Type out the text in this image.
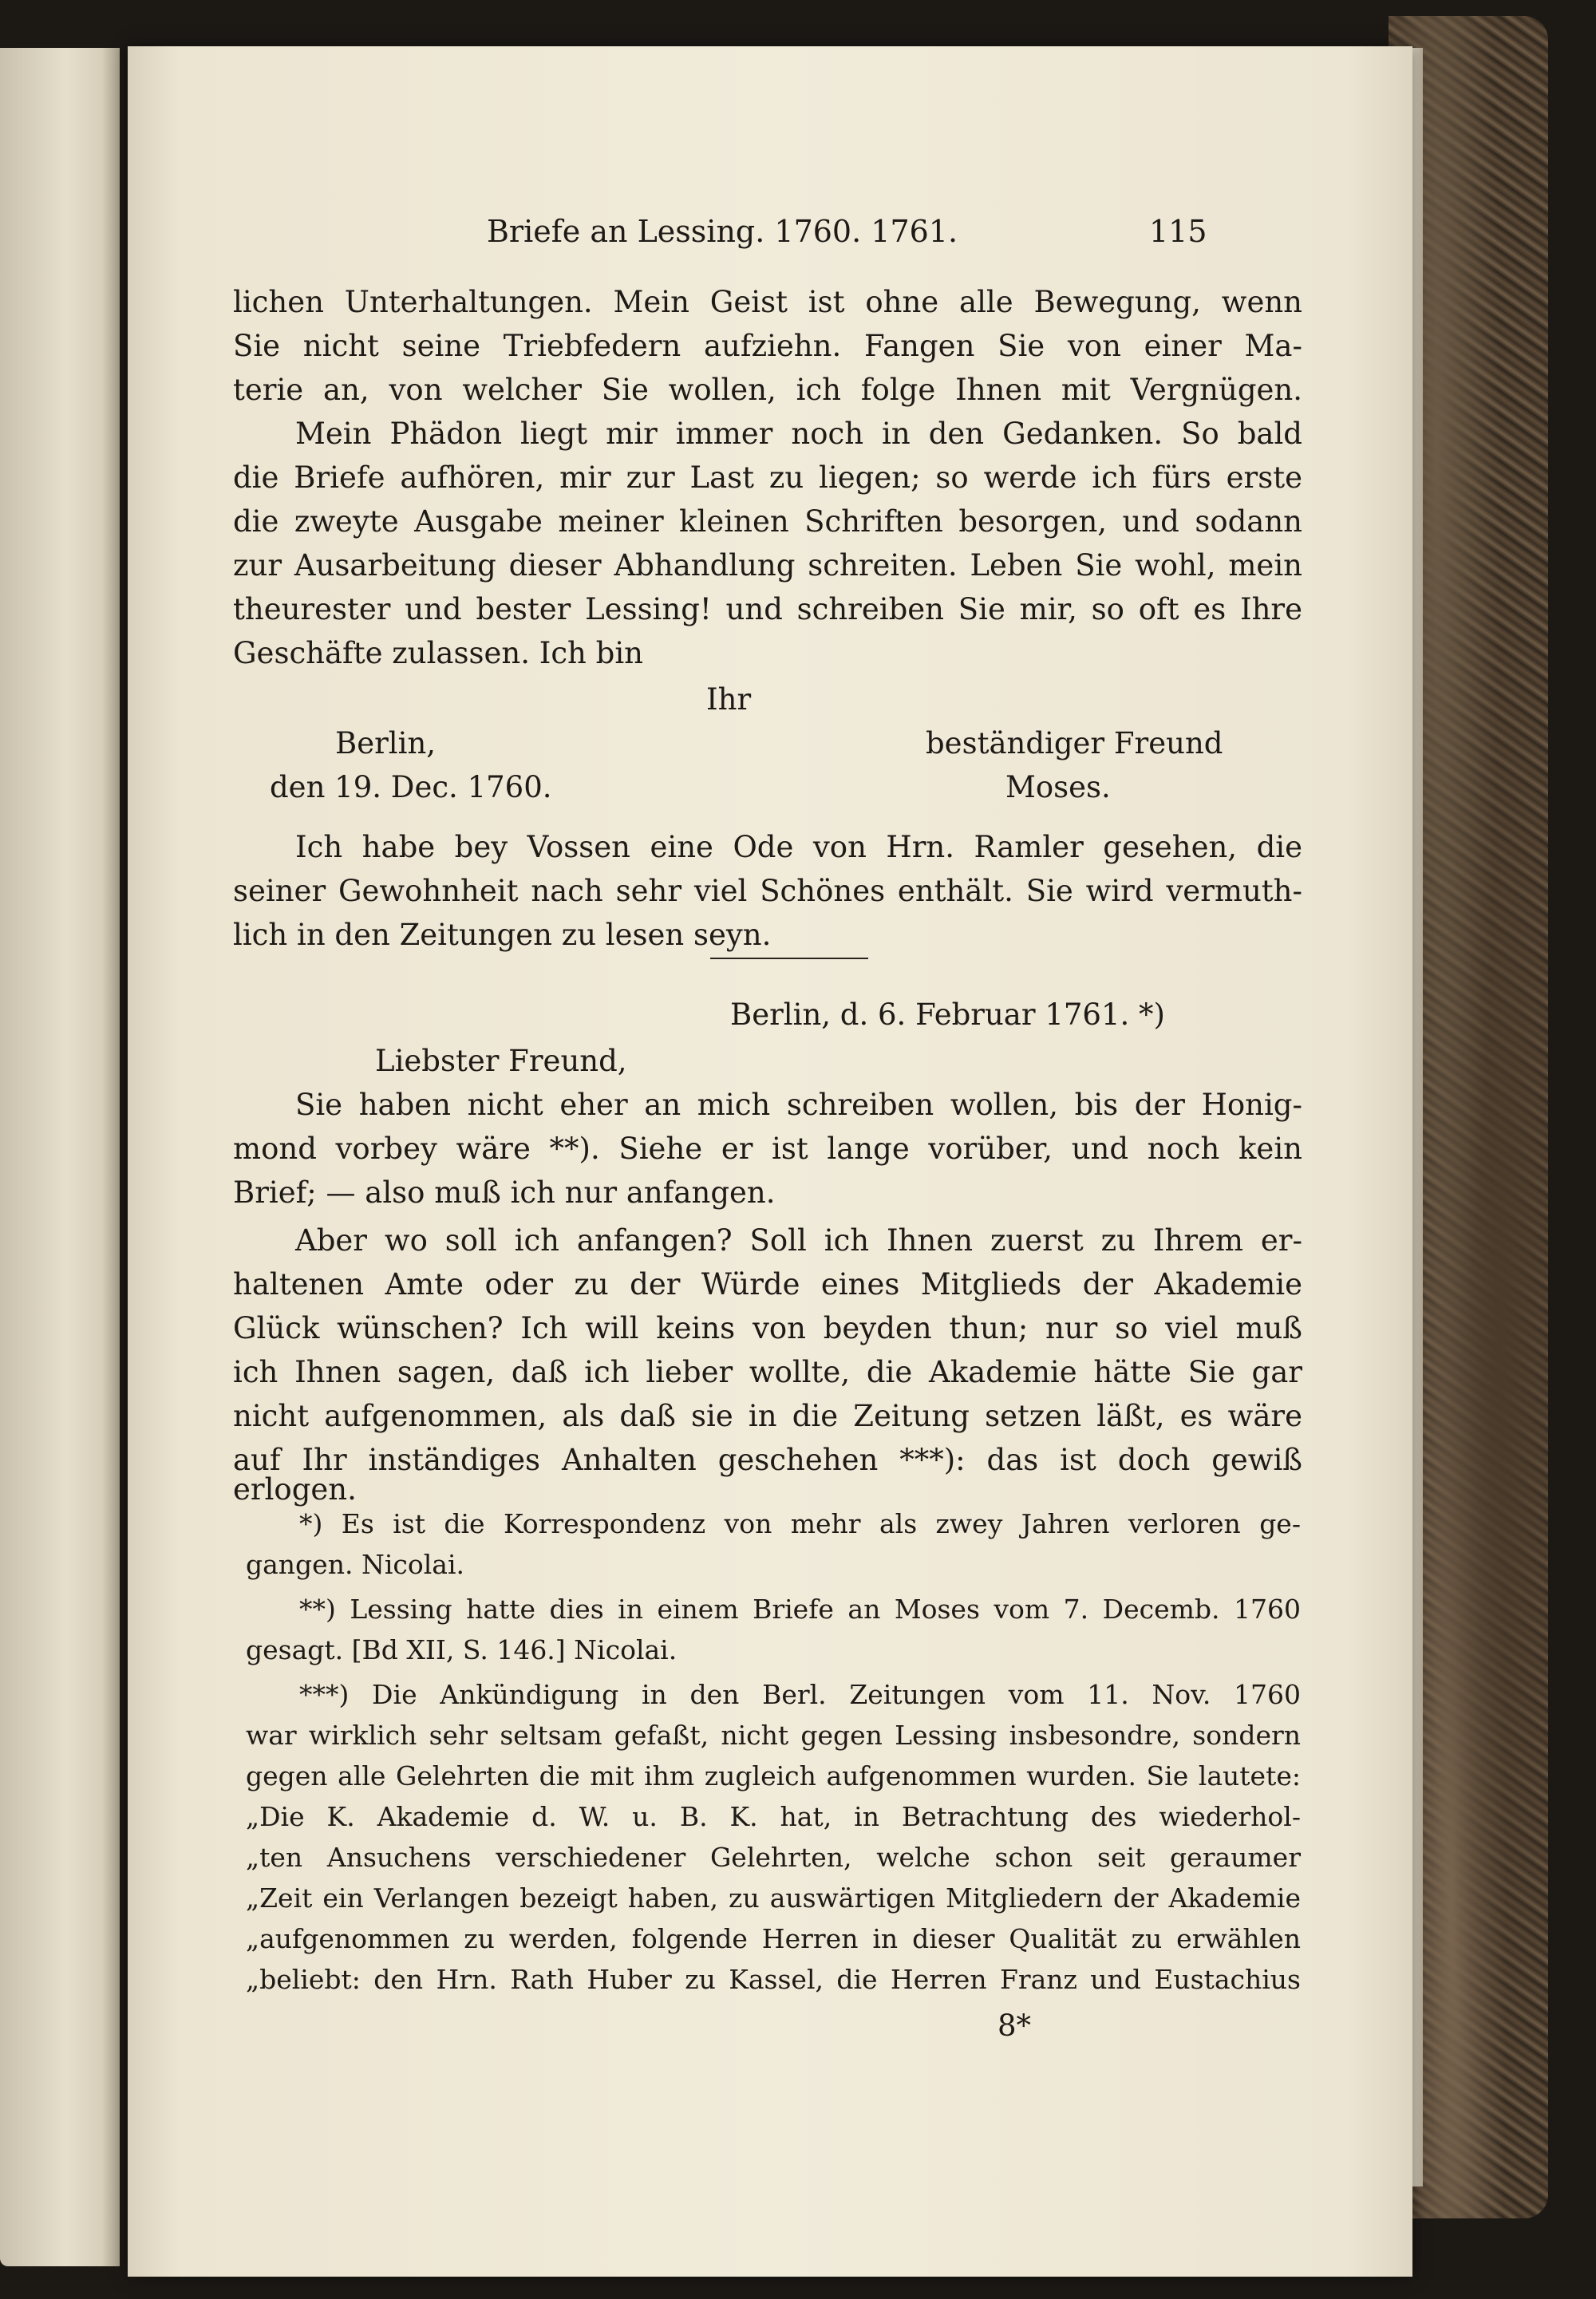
Briefe an Lessing. 1760. 1761.	115
lichen Unterhaltungen. Mein Geist ist ohne alle Bewegung, wenn
Sie nicht seine Triebfedern aufziehn. Fangen Sie von einer Ma-
terie an, von welcher Sie wollen, ich folge Ihnen mit Vergnügen.
Mein Phädon liegt mir immer noch in den Gedanken. So bald
die Briefe aufhören, mir zur Last zu liegen; so werde ich fürs erste
die zweyte Ausgabe meiner kleinen Schriften besorgen, und sodann
zur Ausarbeitung dieser Abhandlung schreiten. Leben Sie wohl, mein
theurester und bester Lessing! und schreiben Sie mir, so oft es Ihre
Geschäfte zulassen. Ich bin
Ihr
Berlin,	beständiger Freund
den 19. Dec. 1760.	Moses.
Ich habe bey Vossen eine Ode von Hrn. Ramler gesehen, die
seiner Gewohnheit nach sehr viel Schönes enthält. Sie wird vermuth-
lich in den Zeitungen zu lesen seyn.
Berlin, d. 6. Februar 1761. *)
Liebster Freund,
Sie haben nicht eher an mich schreiben wollen, bis der Honig-
mond vorbey wäre **). Siehe er ist lange vorüber, und noch kein
Brief; — also muß ich nur anfangen.
Aber wo soll ich anfangen? Soll ich Ihnen zuerst zu Ihrem er-
haltenen Amte oder zu der Würde eines Mitglieds der Akademie
Glück wünschen? Ich will keins von beyden thun; nur so viel muß
ich Ihnen sagen, daß ich lieber wollte, die Akademie hätte Sie gar
nicht aufgenommen, als daß sie in die Zeitung setzen läßt, es wäre
auf Ihr inständiges Anhalten geschehen ***): das ist doch gewiß erlogen.
*) Es ist die Korrespondenz von mehr als zwey Jahren verloren ge-
gangen. Nicolai.
**) Lessing hatte dies in einem Briefe an Moses vom 7. Decemb. 1760
gesagt. [Bd XII, S. 146.] Nicolai.
***) Die Ankündigung in den Berl. Zeitungen vom 11. Nov. 1760
war wirklich sehr seltsam gefaßt, nicht gegen Lessing insbesondre, sondern
gegen alle Gelehrten die mit ihm zugleich aufgenommen wurden. Sie lautete:
„Die K. Akademie d. W. u. B. K. hat, in Betrachtung des wiederhol-
„ten Ansuchens verschiedener Gelehrten, welche schon seit geraumer
„Zeit ein Verlangen bezeigt haben, zu auswärtigen Mitgliedern der Akademie
„aufgenommen zu werden, folgende Herren in dieser Qualität zu erwählen
„beliebt: den Hrn. Rath Huber zu Kassel, die Herren Franz und Eustachius
8*
